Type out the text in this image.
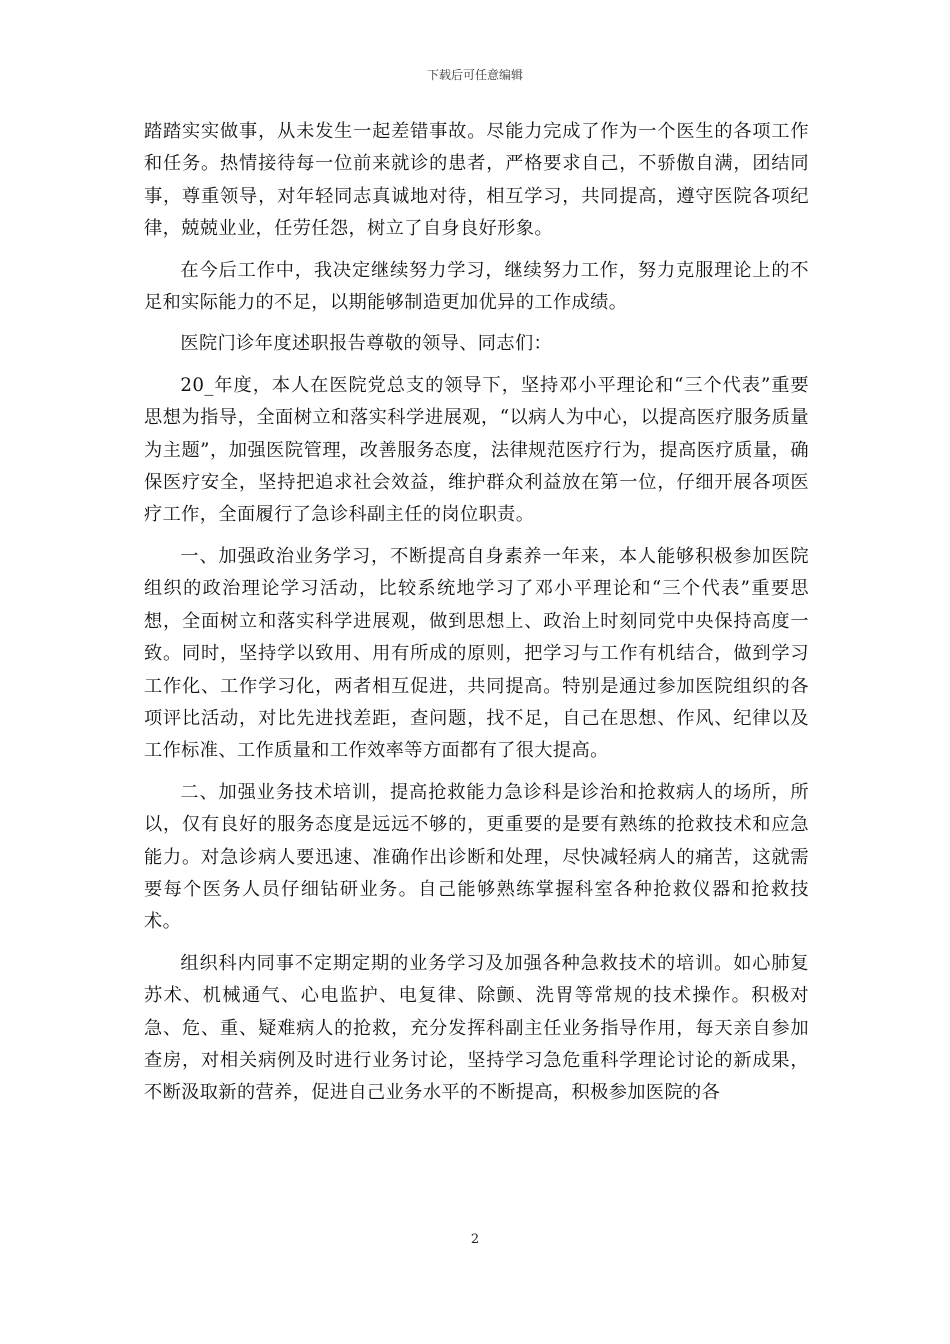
下载后可任意编辑

踏踏实实做事，从未发生一起差错事故。尽能力完成了作为一个医生的各项工作和任务。热情接待每一位前来就诊的患者，严格要求自己，不骄傲自满，团结同事，尊重领导，对年轻同志真诚地对待，相互学习，共同提高，遵守医院各项纪律，兢兢业业，任劳任怨，树立了自身良好形象。

在今后工作中，我决定继续努力学习，继续努力工作，努力克服理论上的不足和实际能力的不足，以期能够制造更加优异的工作成绩。

医院门诊年度述职报告尊敬的领导、同志们：

20_年度，本人在医院党总支的领导下，坚持邓小平理论和“三个代表”重要思想为指导，全面树立和落实科学进展观，“以病人为中心，以提高医疗服务质量为主题”，加强医院管理，改善服务态度，法律规范医疗行为，提高医疗质量，确保医疗安全，坚持把追求社会效益，维护群众利益放在第一位，仔细开展各项医疗工作，全面履行了急诊科副主任的岗位职责。

一、加强政治业务学习，不断提高自身素养一年来，本人能够积极参加医院组织的政治理论学习活动，比较系统地学习了邓小平理论和“三个代表”重要思想，全面树立和落实科学进展观，做到思想上、政治上时刻同党中央保持高度一致。同时，坚持学以致用、用有所成的原则，把学习与工作有机结合，做到学习工作化、工作学习化，两者相互促进，共同提高。特别是通过参加医院组织的各项评比活动，对比先进找差距，查问题，找不足，自己在思想、作风、纪律以及工作标准、工作质量和工作效率等方面都有了很大提高。

二、加强业务技术培训，提高抢救能力急诊科是诊治和抢救病人的场所，所以，仅有良好的服务态度是远远不够的，更重要的是要有熟练的抢救技术和应急能力。对急诊病人要迅速、准确作出诊断和处理，尽快减轻病人的痛苦，这就需要每个医务人员仔细钻研业务。自己能够熟练掌握科室各种抢救仪器和抢救技术。

组织科内同事不定期定期的业务学习及加强各种急救技术的培训。如心肺复苏术、机械通气、心电监护、电复律、除颤、洗胃等常规的技术操作。积极对急、危、重、疑难病人的抢救，充分发挥科副主任业务指导作用，每天亲自参加查房，对相关病例及时进行业务讨论，坚持学习急危重科学理论讨论的新成果，不断汲取新的营养，促进自己业务水平的不断提高，积极参加医院的各

2
